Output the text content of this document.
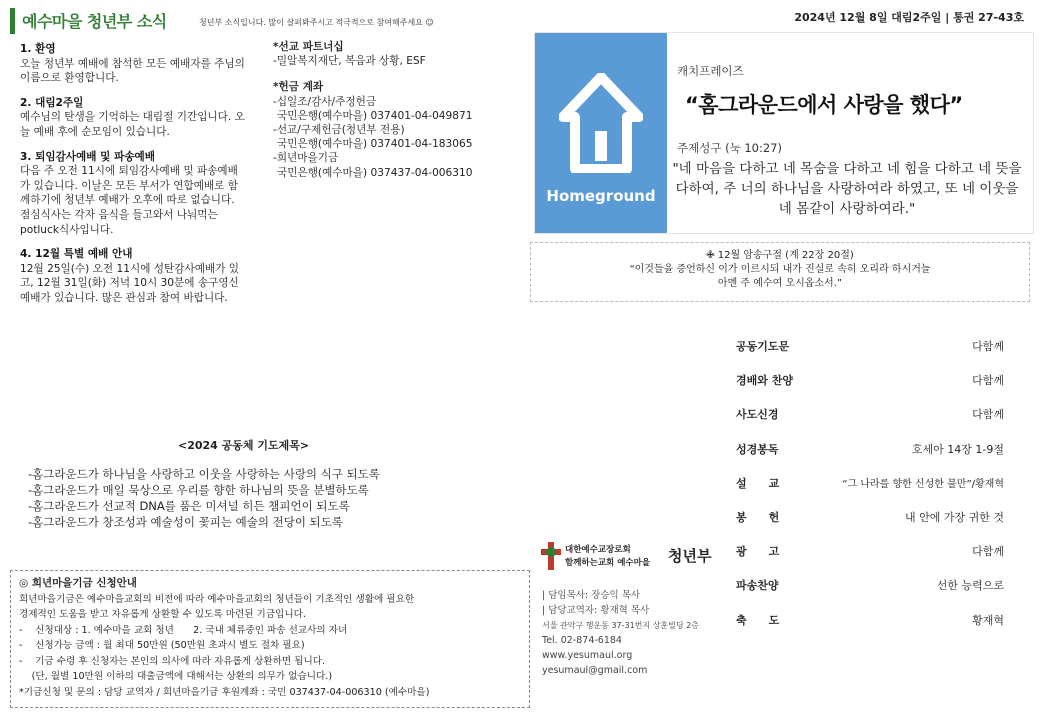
예수마을 청년부 소식	청년부 소식입니다. 많이 살펴봐주시고 적극적으로 참여해주세요 ☺	2024년 12월 8일 대림2주일 | 통권 27-43호
1. 환영
오늘 청년부 예배에 참석한 모든 예배자를 주님의 이름으로 환영합니다.
2. 대림2주일
예수님의 탄생을 기억하는 대림절 기간입니다. 오늘 예배 후에 순모임이 있습니다.
3. 퇴임감사예배 및 파송예배
다음 주 오전 11시에 퇴임감사예배 및 파송예배가 있습니다. 이날은 모든 부서가 연합예배로 함께하기에 청년부 예배가 오후에 따로 없습니다. 점심식사는 각자 음식을 들고와서 나눠먹는 potluck식사입니다.
4. 12월 특별 예배 안내
12월 25일(수) 오전 11시에 성탄감사예배가 있고, 12월 31일(화) 저녁 10시 30분에 송구영신예배가 있습니다. 많은 관심과 참여 바랍니다.
*선교 파트너십
-밀알복지재단, 복음과 상황, ESF
*헌금 계좌
-십일조/감사/주정헌금
국민은행(예수마을) 037401-04-049871
-선교/구제헌금(청년부 전용)
국민은행(예수마을) 037401-04-183065
-희년마을기금
국민은행(예수마을) 037437-04-006310
Homeground
캐치프레이즈
“홈그라운드에서 사랑을 했다”
주제성구 (눅 10:27)
"네 마음을 다하고 네 목숨을 다하고 네 힘을 다하고 네 뜻을 다하여, 주 너의 하나님을 사랑하여라 하였고, 또 네 이웃을 네 몸같이 사랑하여라."
✙ 12월 암송구절 (계 22장 20절)
“이것들을 증언하신 이가 이르시되 내가 진실로 속히 오리라 하시거늘
아멘 주 예수여 오시옵소서.”
공동기도문	다함께
경배와 찬양	다함께
사도신경	다함께
성경봉독	호세아 14장 1-9절
설　　교	“그 나라를 향한 신성한 불만”/황재혁
봉　　헌	내 안에 가장 귀한 것
광　　고	다함께
파송찬양	선한 능력으로
축　　도	황재혁
<2024 공동체 기도제목>
-홈그라운드가 하나님을 사랑하고 이웃을 사랑하는 사랑의 식구 되도록
-홈그라운드가 매일 묵상으로 우리를 향한 하나님의 뜻을 분별하도록
-홈그라운드가 선교적 DNA를 품은 미셔널 히든 챔피언이 되도록
-홈그라운드가 창조성과 예술성이 꽃피는 예술의 전당이 되도록
◎ 희년마을기금 신청안내
희년마을기금은 예수마을교회의 비전에 따라 예수마을교회의 청년들이 기초적인 생활에 필요한
경제적인 도움을 받고 자유롭게 상환할 수 있도록 마련된 기금입니다.
-　 신청대상 : 1. 예수마을 교회 청년　　2. 국내 체류중인 파송 선교사의 자녀
-　 신청가능 금액 : 월 최대 50만원 (50만원 초과시 별도 절차 필요)
-　 기금 수령 후 신청자는 본인의 의사에 따라 자유롭게 상환하면 됩니다.
　 (단, 월별 10만원 이하의 대출금액에 대해서는 상환의 의무가 없습니다.)
*기금신청 및 문의 : 담당 교역자 / 희년마을기금 후원계좌 : 국민 037437-04-006310 (예수마을)
대한예수교장로회
함께하는교회 예수마을 청년부
| 담임목사: 장승익 목사
| 담당교역자: 황재혁 목사
서울 관악구 행운동 37-31번지 상훈빌딩 2층
Tel. 02-874-6184
www.yesumaul.org
yesumaul@gmail.com
